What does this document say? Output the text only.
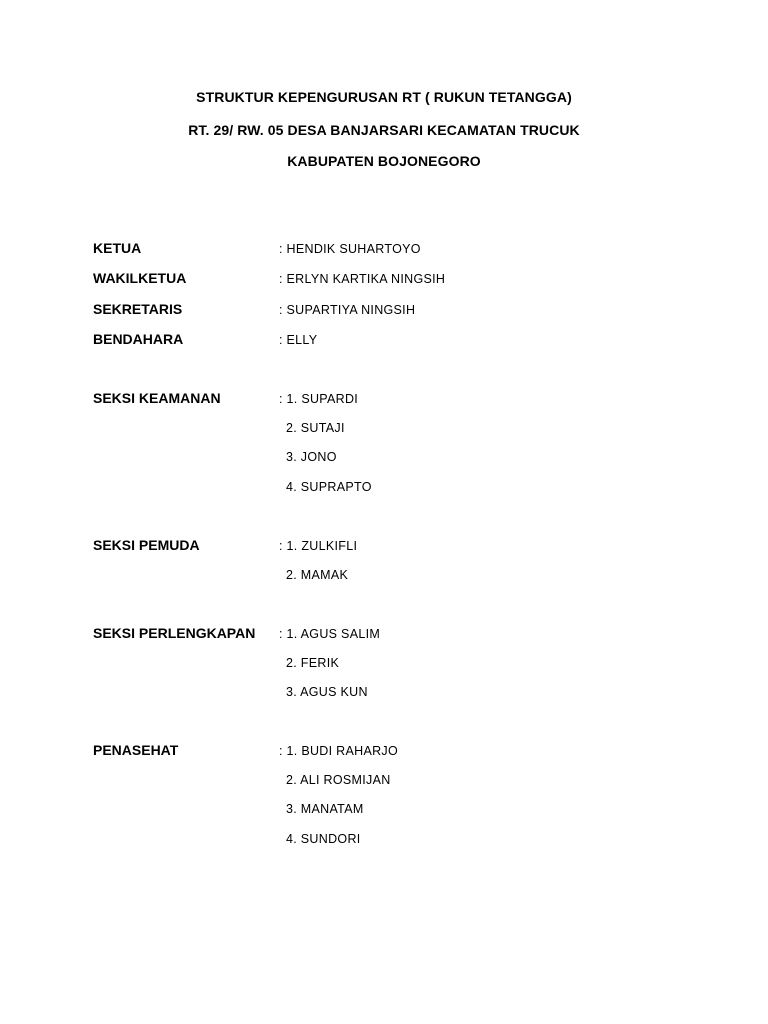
STRUKTUR KEPENGURUSAN RT ( RUKUN TETANGGA)
RT. 29/ RW. 05 DESA BANJARSARI KECAMATAN TRUCUK
KABUPATEN BOJONEGORO
KETUA	: HENDIK SUHARTOYO
WAKILKETUA	: ERLYN KARTIKA NINGSIH
SEKRETARIS	: SUPARTIYA NINGSIH
BENDAHARA	: ELLY
SEKSI KEAMANAN	: 1. SUPARDI
2. SUTAJI
3. JONO
4. SUPRAPTO
SEKSI PEMUDA	: 1. ZULKIFLI
2. MAMAK
SEKSI PERLENGKAPAN : 1. AGUS SALIM
2. FERIK
3. AGUS KUN
PENASEHAT	: 1. BUDI RAHARJO
2. ALI ROSMIJAN
3. MANATAM
4. SUNDORI
